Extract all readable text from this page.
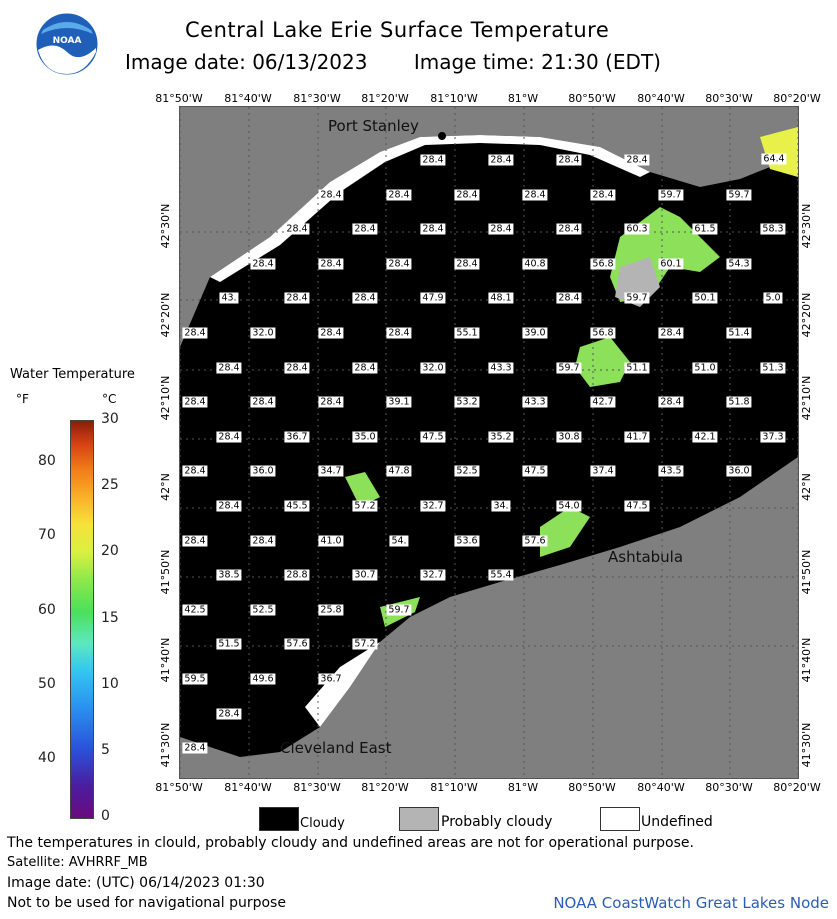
NOAA	Central Lake Erie Surface Temperature
Image date: 06/13/2023 Image time: 21:30 (EDT)
81°50'W 81°40'W 81°30'W 81°20'W 81°10'W	81°W	80°50'W 80°40'W 80°30'W 80°20'W
81°50'W 81°40'W 81°30'W 81°20'W 81°10'W	81°W	80°50'W 80°40'W 80°30'W 80°20'W
42°30'N
42°20'N
42°10'N
42°N
41°50'N
41°40'N
41°30'N
42°30'N
42°20'N
42°10'N
42°N
41°50'N
41°40'N
41°30'N
Water Temperature
°F	°C
80
70
60
50
40
30
25
20
15
10
5
0
28.4	28.4	28.4	28.4
28.4	28.4	28.4	28.4	28.4	59.7	59.7
28.4	28.4	28.4	28.4	28.4	60.3	61.5	58.3
28.4	28.4	28.4	28.4	40.8	56.8	60.1	54.3
43.	28.4	28.4	47.9	48.1	28.4	59.7	50.1	5.0
28.4	32.0	28.4	28.4	55.1	39.0	56.8	28.4	51.4
28.4	28.4	28.4	32.0	43.3	59.7	51.1	51.0	51.3
28.4	28.4	28.4	39.1	53.2	43.3	42.7	28.4	51.8
28.4	36.7	35.0	47.5	35.2	30.8	41.7	42.1	37.3
28.4	36.0	34.7	47.8	52.5	47.5	37.4	43.5	36.0
28.4	45.5	57.2	32.7	34.	54.0	47.5
28.4	28.4	41.0	54.	53.6	57.6
38.5	28.8	30.7	32.7	55.4
42.5	52.5	25.8	59.7
51.5	57.6	57.2
59.5	49.6	36.7
28.4
28.4
64.4
Port Stanley
Ashtabula
Cleveland East
Cloudy	Probably cloudy	Undefined
The temperatures in clould, probably cloudy and undefined areas are not for operational purpose.
Satellite: AVHRRF_MB
Image date: (UTC) 06/14/2023 01:30
Not to be used for navigational purpose	NOAA CoastWatch Great Lakes Node
